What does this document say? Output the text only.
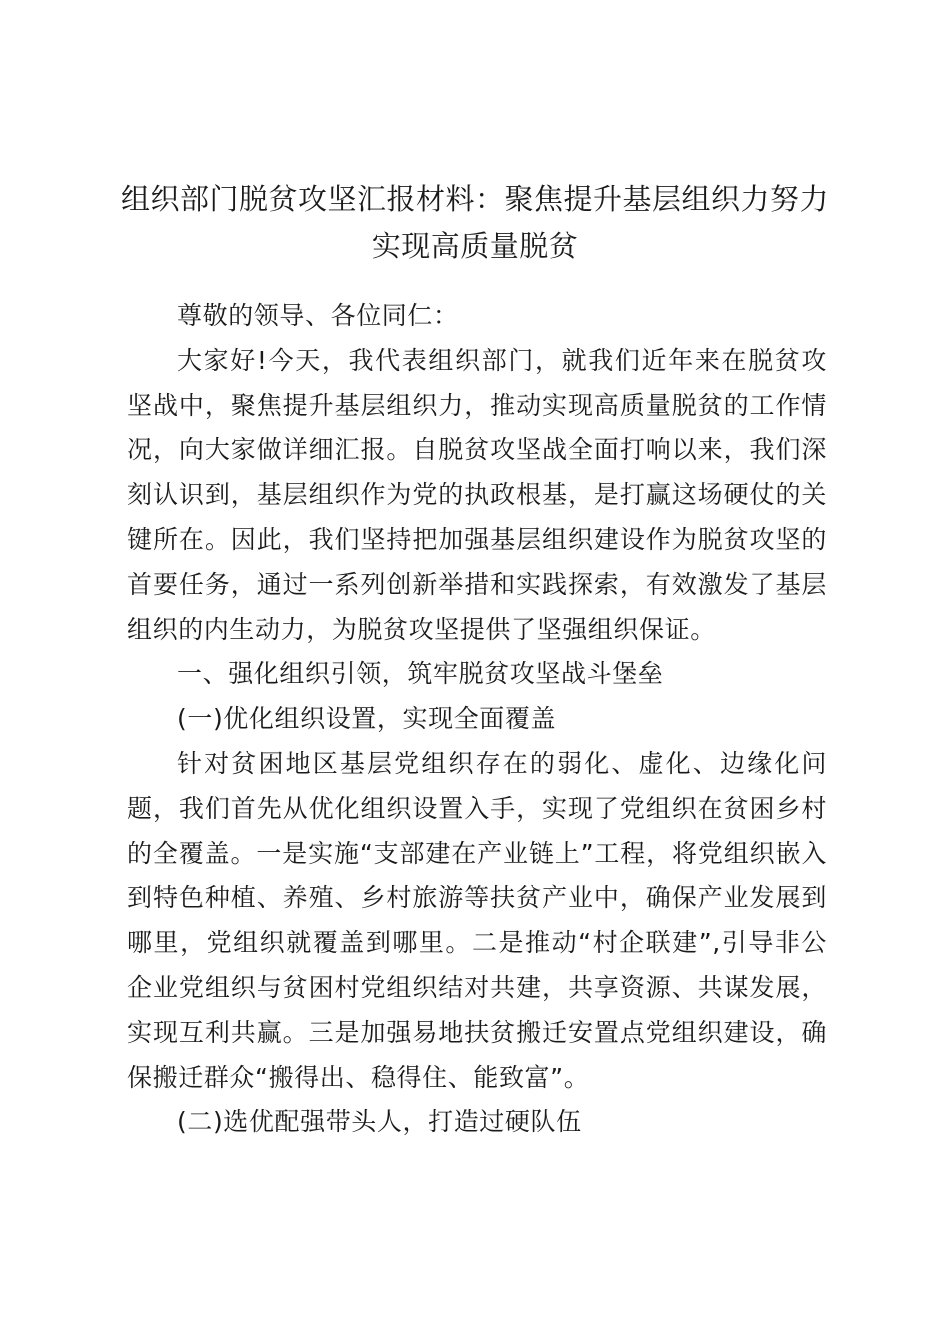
组织部门脱贫攻坚汇报材料：聚焦提升基层组织力努力
实现高质量脱贫

尊敬的领导、各位同仁：

大家好!今天，我代表组织部门，就我们近年来在脱贫攻坚战中，聚焦提升基层组织力，推动实现高质量脱贫的工作情况，向大家做详细汇报。自脱贫攻坚战全面打响以来，我们深刻认识到，基层组织作为党的执政根基，是打赢这场硬仗的关键所在。因此，我们坚持把加强基层组织建设作为脱贫攻坚的首要任务，通过一系列创新举措和实践探索，有效激发了基层组织的内生动力，为脱贫攻坚提供了坚强组织保证。

一、强化组织引领，筑牢脱贫攻坚战斗堡垒

(一)优化组织设置，实现全面覆盖

针对贫困地区基层党组织存在的弱化、虚化、边缘化问题，我们首先从优化组织设置入手，实现了党组织在贫困乡村的全覆盖。一是实施“支部建在产业链上”工程，将党组织嵌入到特色种植、养殖、乡村旅游等扶贫产业中，确保产业发展到哪里，党组织就覆盖到哪里。二是推动“村企联建”,引导非公企业党组织与贫困村党组织结对共建，共享资源、共谋发展，实现互利共赢。三是加强易地扶贫搬迁安置点党组织建设，确保搬迁群众“搬得出、稳得住、能致富”。

(二)选优配强带头人，打造过硬队伍
